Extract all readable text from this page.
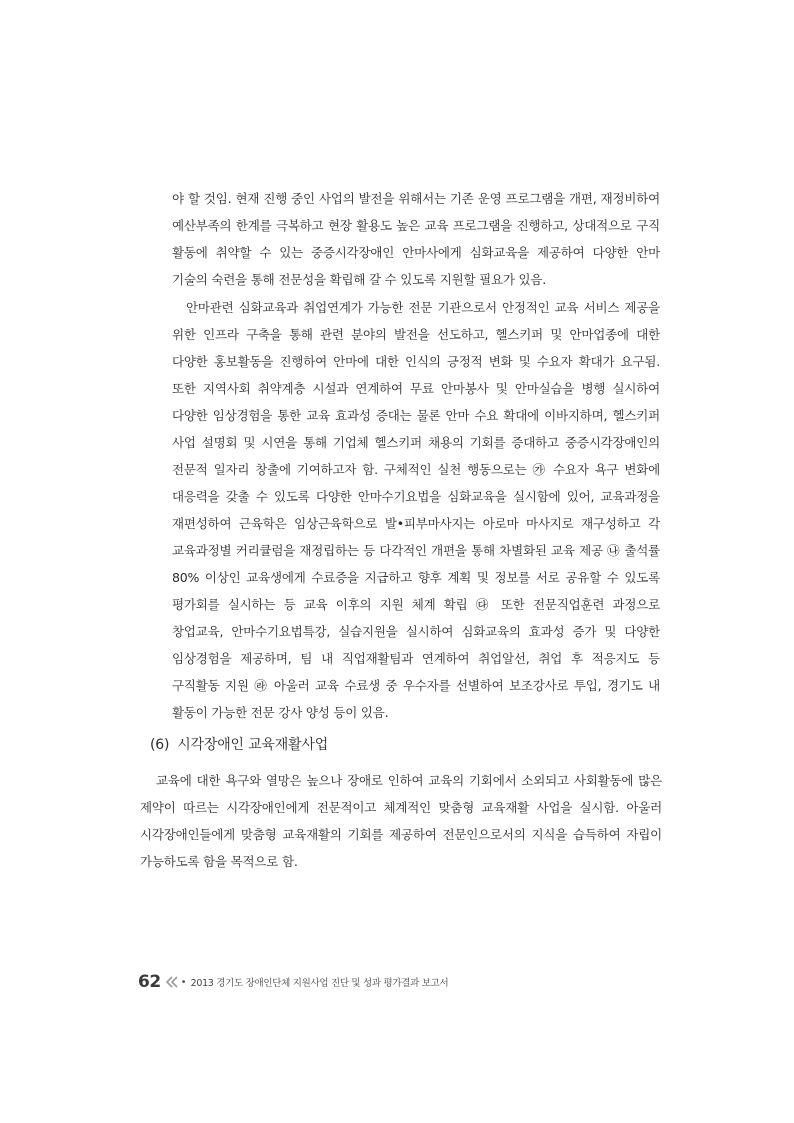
야 할 것임. 현재 진행 중인 사업의 발전을 위해서는 기존 운영 프로그램을 개편, 재정비하여 예산부족의 한계를 극복하고 현장 활용도 높은 교육 프로그램을 진행하고, 상대적으로 구직 활동에 취약할 수 있는 중증시각장애인 안마사에게 심화교육을 제공하여 다양한 안마 기술의 숙련을 통해 전문성을 확립해 갈 수 있도록 지원할 필요가 있음.

안마관련 심화교육과 취업연계가 가능한 전문 기관으로서 안정적인 교육 서비스 제공을 위한 인프라 구축을 통해 관련 분야의 발전을 선도하고, 헬스키퍼 및 안마업종에 대한 다양한 홍보활동을 진행하여 안마에 대한 인식의 긍정적 변화 및 수요자 확대가 요구됨. 또한 지역사회 취약계층 시설과 연계하여 무료 안마봉사 및 안마실습을 병행 실시하여 다양한 임상경험을 통한 교육 효과성 증대는 물론 안마 수요 확대에 이바지하며, 헬스키퍼 사업 설명회 및 시연을 통해 기업체 헬스키퍼 채용의 기회를 증대하고 중증시각장애인의 전문적 일자리 창출에 기여하고자 함. 구체적인 실천 행동으로는 ㉮ 수요자 욕구 변화에 대응력을 갖출 수 있도록 다양한 안마수기요법을 심화교육을 실시함에 있어, 교육과정을 재편성하여 근육학은 임상근육학으로 발•피부마사지는 아로마 마사지로 재구성하고 각 교육과정별 커리큘럼을 재정립하는 등 다각적인 개편을 통해 차별화된 교육 제공 ㉯ 출석률 80% 이상인 교육생에게 수료증을 지급하고 향후 계획 및 정보를 서로 공유할 수 있도록 평가회를 실시하는 등 교육 이후의 지원 체계 확립 ㉰ 또한 전문직업훈련 과정으로 창업교육, 안마수기요법특강, 실습지원을 실시하여 심화교육의 효과성 증가 및 다양한 임상경험을 제공하며, 팀 내 직업재활팀과 연계하여 취업알선, 취업 후 적응지도 등 구직활동 지원 ㉱ 아울러 교육 수료생 중 우수자를 선별하여 보조강사로 투입, 경기도 내 활동이 가능한 전문 강사 양성 등이 있음.

(6) 시각장애인 교육재활사업

교육에 대한 욕구와 열망은 높으나 장애로 인하여 교육의 기회에서 소외되고 사회활동에 많은 제약이 따르는 시각장애인에게 전문적이고 체계적인 맞춤형 교육재활 사업을 실시함. 아울러 시각장애인들에게 맞춤형 교육재활의 기회를 제공하여 전문인으로서의 지식을 습득하여 자립이 가능하도록 함을 목적으로 함.

62 • 2013 경기도 장애인단체 지원사업 진단 및 성과 평가결과 보고서
